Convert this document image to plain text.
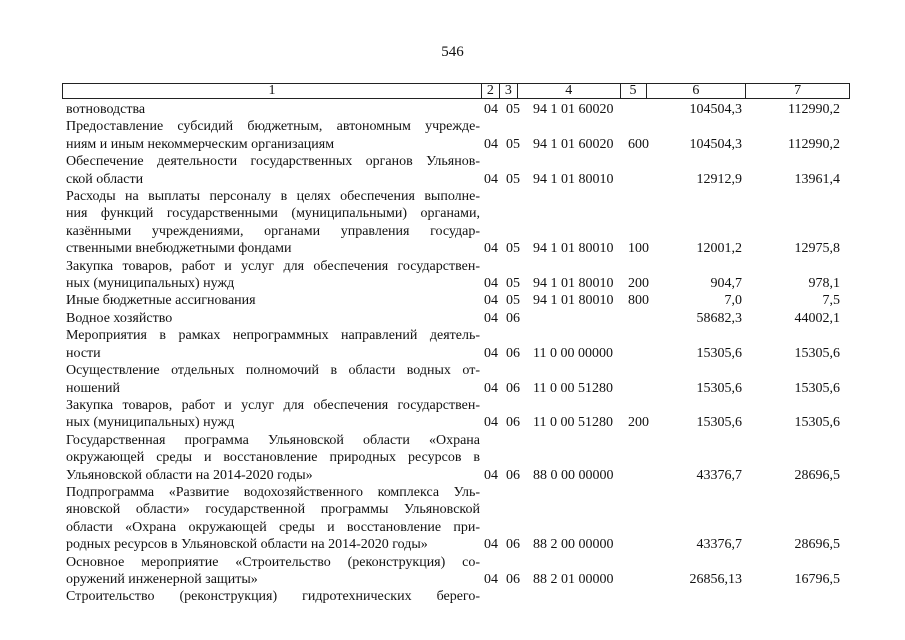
546
1	2 3	4	5	6	7
вотноводства	04 05 94 1 01 60020	104504,3	112990,2
Предоставление субсидий бюджетным, автономным учрежде-
ниям и иным некоммерческим организациям	04 05 94 1 01 60020	600	104504,3	112990,2
Обеспечение деятельности государственных органов Ульянов-
ской области	04 05 94 1 01 80010	12912,9	13961,4
Расходы на выплаты персоналу в целях обеспечения выполне-
ния функций государственными (муниципальными) органами,
казёнными учреждениями, органами управления государ-
ственными внебюджетными фондами	04 05 94 1 01 80010	100	12001,2	12975,8
Закупка товаров, работ и услуг для обеспечения государствен-
ных (муниципальных) нужд	04 05 94 1 01 80010	200	904,7	978,1
Иные бюджетные ассигнования	04 05 94 1 01 80010	800	7,0	7,5
Водное хозяйство	04 06	58682,3	44002,1
Мероприятия в рамках непрограммных направлений деятель-
ности	04 06 11 0 00 00000	15305,6	15305,6
Осуществление отдельных полномочий в области водных от-
ношений	04 06 11 0 00 51280	15305,6	15305,6
Закупка товаров, работ и услуг для обеспечения государствен-
ных (муниципальных) нужд	04 06 11 0 00 51280	200	15305,6	15305,6
Государственная программа Ульяновской области «Охрана
окружающей среды и восстановление природных ресурсов в
Ульяновской области на 2014-2020 годы»	04 06 88 0 00 00000	43376,7	28696,5
Подпрограмма «Развитие водохозяйственного комплекса Уль-
яновской области» государственной программы Ульяновской
области «Охрана окружающей среды и восстановление при-
родных ресурсов в Ульяновской области на 2014-2020 годы»	04 06 88 2 00 00000	43376,7	28696,5
Основное мероприятие «Строительство (реконструкция) со-
оружений инженерной защиты»	04 06 88 2 01 00000	26856,13	16796,5
Строительство (реконструкция) гидротехнических берего-
